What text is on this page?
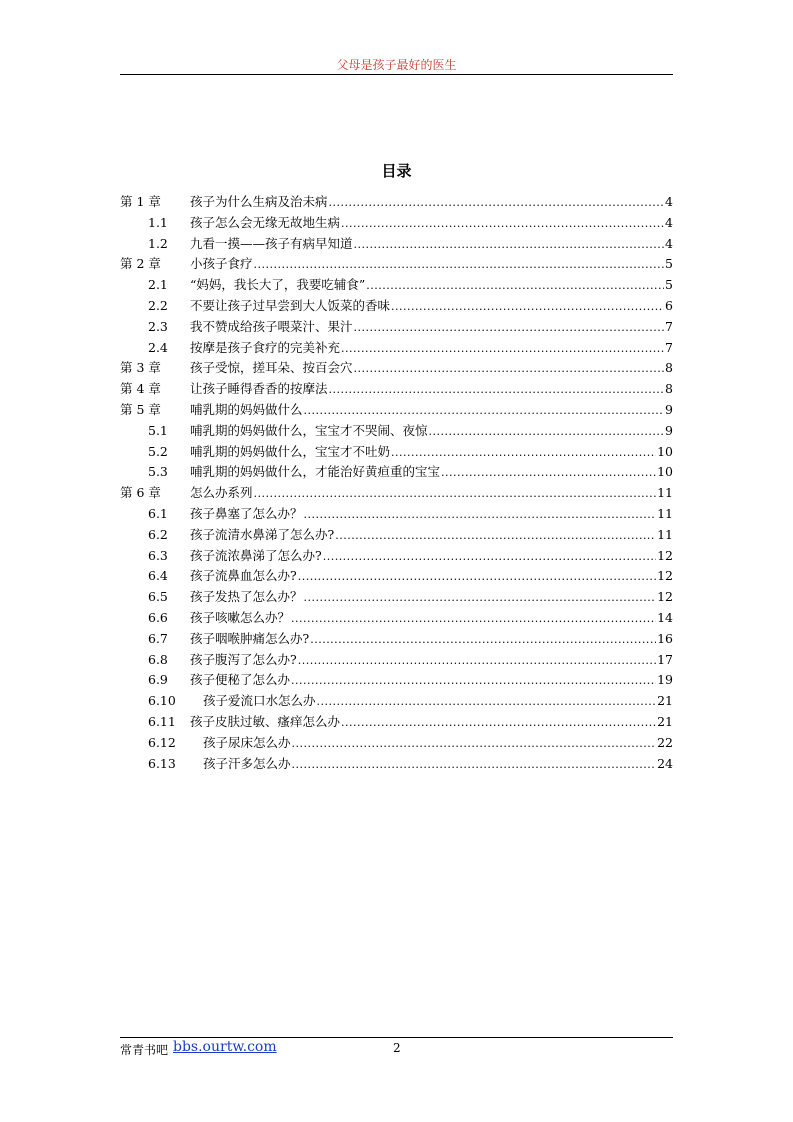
父母是孩子最好的医生
目录
第 1 章	孩子为什么生病及治未病 .....	4
1.1	孩子怎么会无缘无故地生病 .....	4
1.2	九看一摸——孩子有病早知道 .....	4
第 2 章	小孩子食疗 .....	5
2.1	“妈妈，我长大了，我要吃辅食” .....	5
2.2	不要让孩子过早尝到大人饭菜的香味 .....	6
2.3	我不赞成给孩子喂菜汁、果汁 .....	7
2.4	按摩是孩子食疗的完美补充 .....	7
第 3 章	孩子受惊，搓耳朵、按百会穴 .....	8
第 4 章	让孩子睡得香香的按摩法 .....	8
第 5 章	哺乳期的妈妈做什么 .....	9
5.1	哺乳期的妈妈做什么，宝宝才不哭闹、夜惊 .....	9
5.2	哺乳期的妈妈做什么，宝宝才不吐奶 .....	10
5.3	哺乳期的妈妈做什么，才能治好黄疸重的宝宝 .....	10
第 6 章	怎么办系列 .....	11
6.1	孩子鼻塞了怎么办？ .....	11
6.2	孩子流清水鼻涕了怎么办? .....	11
6.3	孩子流浓鼻涕了怎么办? .....	12
6.4	孩子流鼻血怎么办? .....	12
6.5	孩子发热了怎么办？ .....	12
6.6	孩子咳嗽怎么办？ .....	14
6.7	孩子咽喉肿痛怎么办? .....	16
6.8	孩子腹泻了怎么办? .....	17
6.9	孩子便秘了怎么办 .....	19
6.10	孩子爱流口水怎么办 .....	21
6.11	孩子皮肤过敏、瘙痒怎么办 .....	21
6.12	孩子尿床怎么办 .....	22
6.13	孩子汗多怎么办 .....	24
常青书吧 bbs.ourtw.com	2
